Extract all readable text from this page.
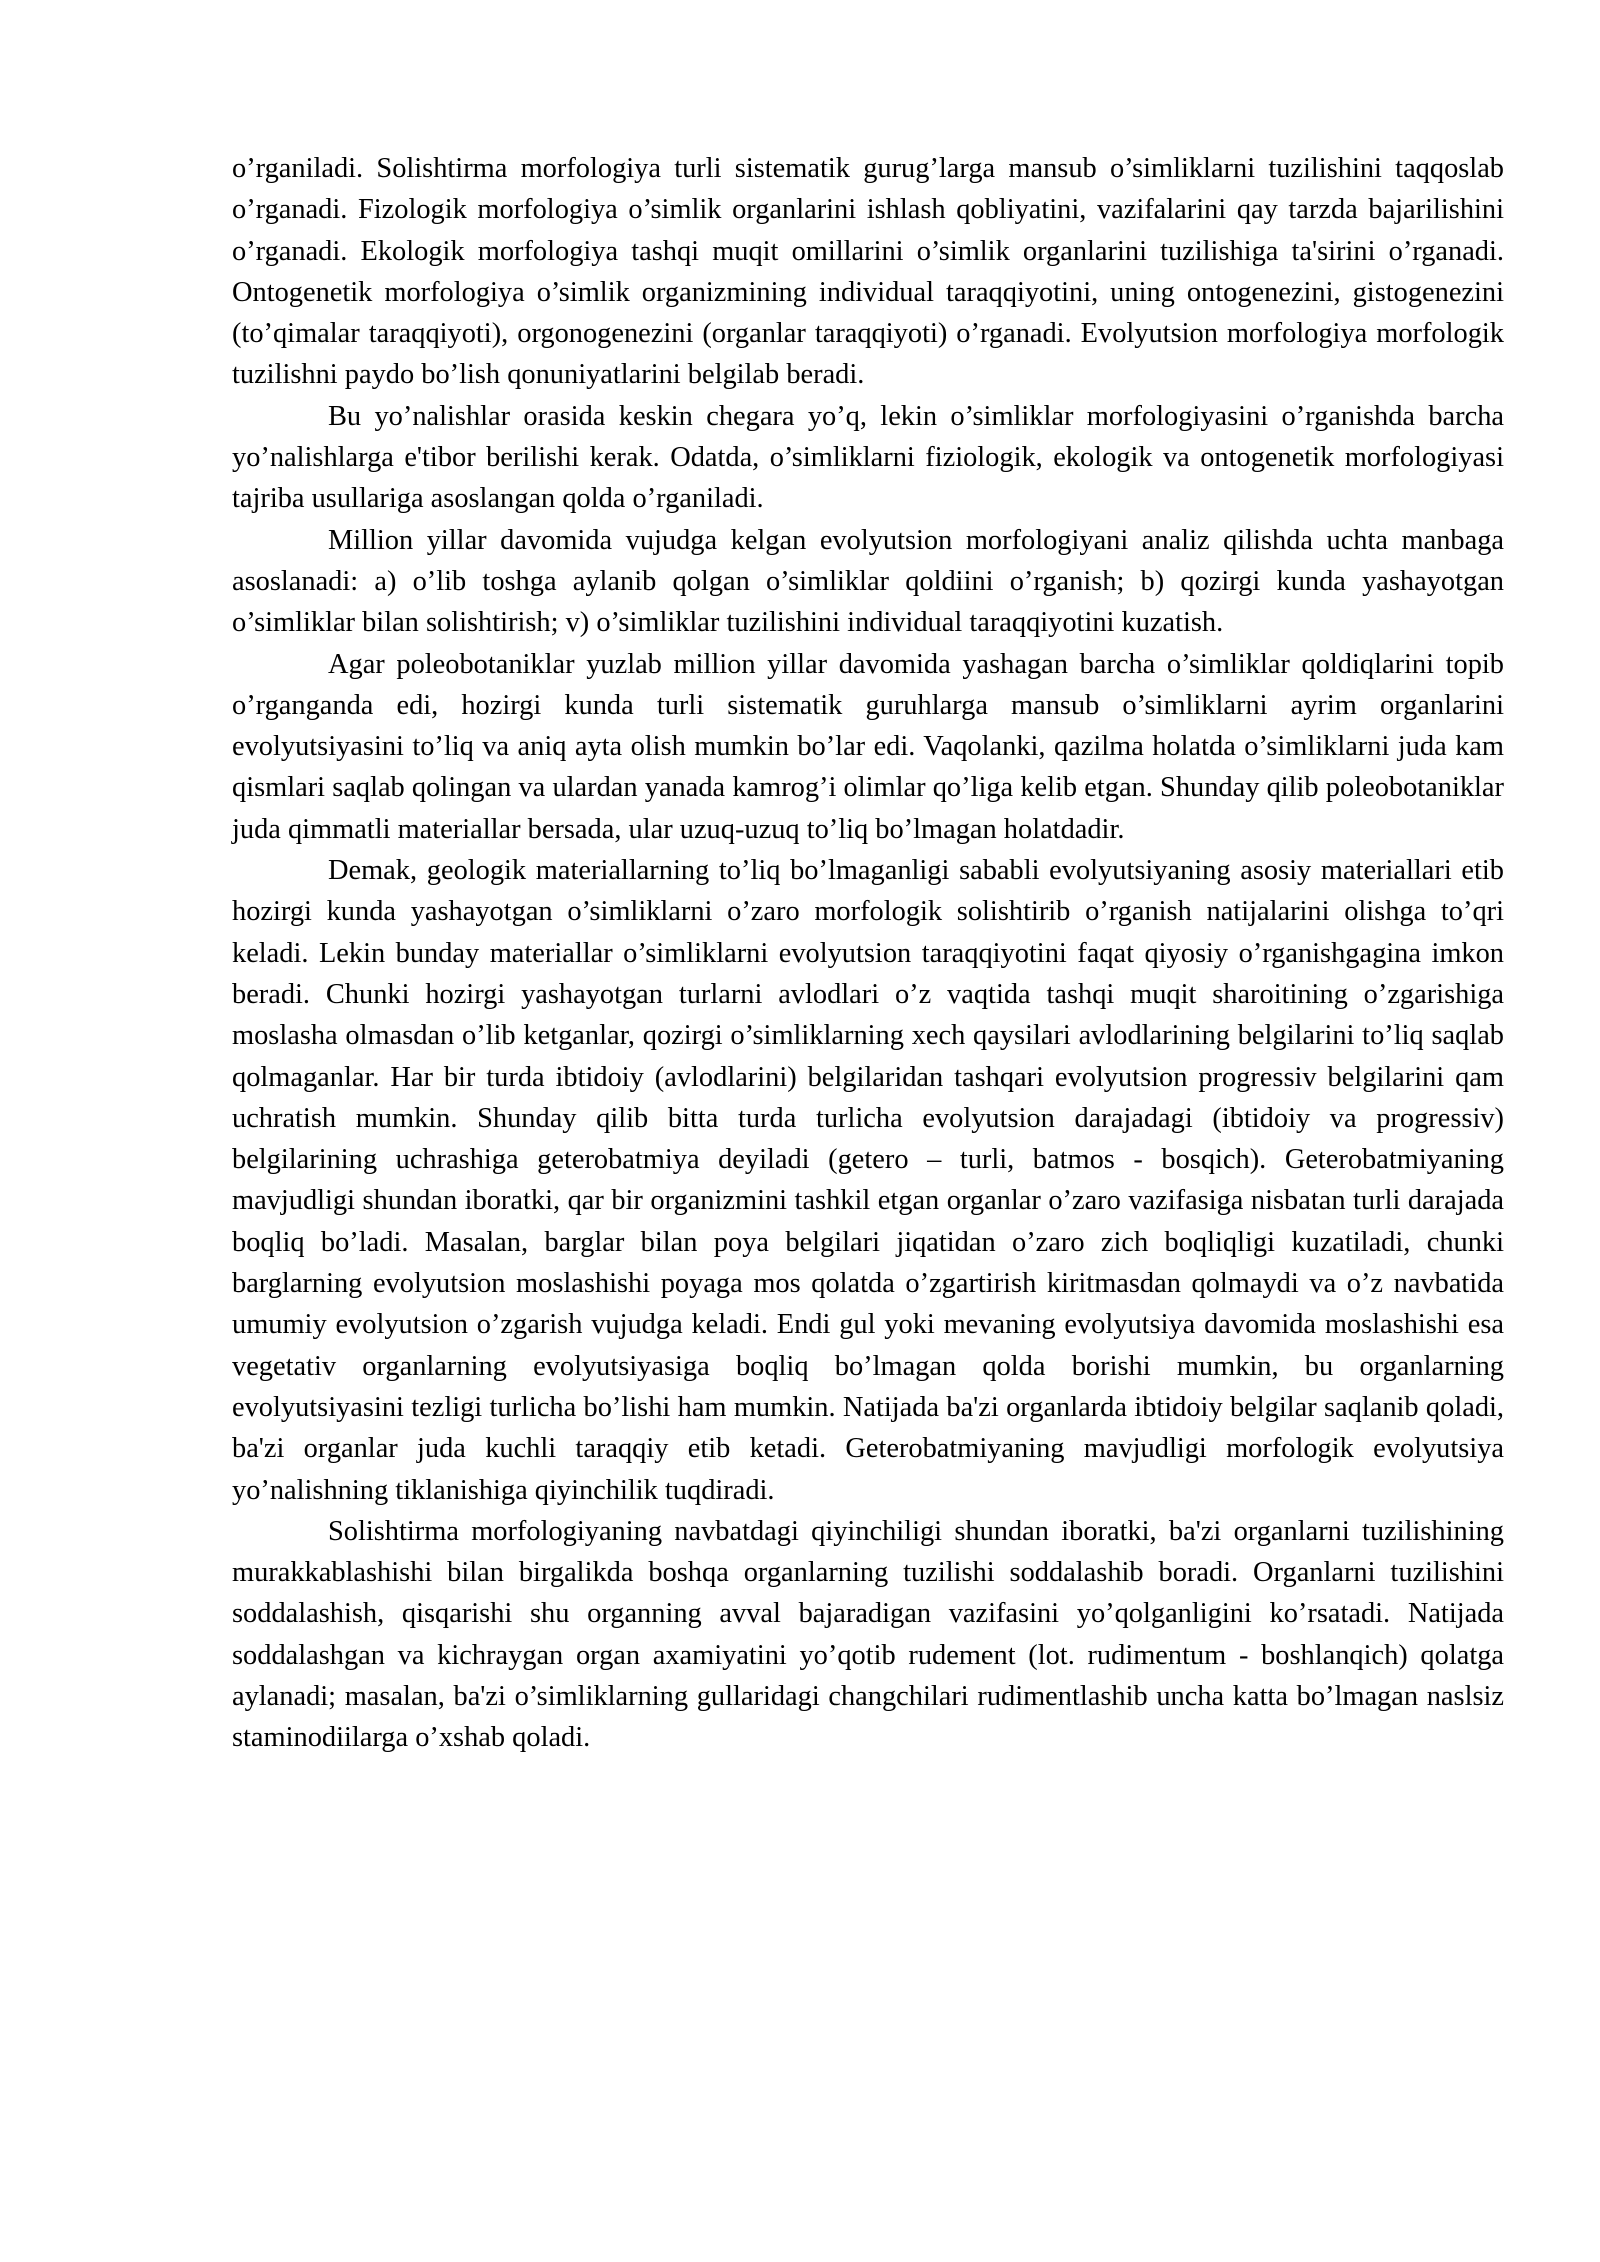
o’rganiladi. Solishtirma morfologiya turli sistematik gurug’larga mansub o’simliklarni tuzilishini taqqoslab o’rganadi. Fizologik morfologiya o’simlik organlarini ishlash qobliyatini, vazifalarini qay tarzda bajarilishini o’rganadi. Ekologik morfologiya tashqi muqit omillarini o’simlik organlarini tuzilishiga ta'sirini o’rganadi. Ontogenetik morfologiya o’simlik organizmining individual taraqqiyotini, uning ontogenezini, gistogenezini (to’qimalar taraqqiyoti), orgonogenezini (organlar taraqqiyoti) o’rganadi. Evolyutsion morfologiya morfologik tuzilishni paydo bo’lish qonuniyatlarini belgilab beradi.

Bu yo’nalishlar orasida keskin chegara yo’q, lekin o’simliklar morfologiyasini o’rganishda barcha yo’nalishlarga e'tibor berilishi kerak. Odatda, o’simliklarni fiziologik, ekologik va ontogenetik morfologiyasi tajriba usullariga asoslangan qolda o’rganiladi.

Million yillar davomida vujudga kelgan evolyutsion morfologiyani analiz qilishda uchta manbaga asoslanadi: a) o’lib toshga aylanib qolgan o’simliklar qoldiini o’rganish; b) qozirgi kunda yashayotgan o’simliklar bilan solishtirish; v) o’simliklar tuzilishini individual taraqqiyotini kuzatish.

Agar poleobotaniklar yuzlab million yillar davomida yashagan barcha o’simliklar qoldiqlarini topib o’rganganda edi, hozirgi kunda turli sistematik guruhlarga mansub o’simliklarni ayrim organlarini evolyutsiyasini to’liq va aniq ayta olish mumkin bo’lar edi. Vaqolanki, qazilma holatda o’simliklarni juda kam qismlari saqlab qolingan va ulardan yanada kamrog’i olimlar qo’liga kelib etgan. Shunday qilib poleobotaniklar juda qimmatli materiallar bersada, ular uzuq-uzuq to’liq bo’lmagan holatdadir.

Demak, geologik materiallarning to’liq bo’lmaganligi sababli evolyutsiyaning asosiy materiallari etib hozirgi kunda yashayotgan o’simliklarni o’zaro morfologik solishtirib o’rganish natijalarini olishga to’qri keladi. Lekin bunday materiallar o’simliklarni evolyutsion taraqqiyotini faqat qiyosiy o’rganishgagina imkon beradi. Chunki hozirgi yashayotgan turlarni avlodlari o’z vaqtida tashqi muqit sharoitining o’zgarishiga moslasha olmasdan o’lib ketganlar, qozirgi o’simliklarning xech qaysilari avlodlarining belgilarini to’liq saqlab qolmaganlar. Har bir turda ibtidoiy (avlodlarini) belgilaridan tashqari evolyutsion progressiv belgilarini qam uchratish mumkin. Shunday qilib bitta turda turlicha evolyutsion darajadagi (ibtidoiy va progressiv) belgilarining uchrashiga geterobatmiya deyiladi (getero – turli, batmos - bosqich). Geterobatmiyaning mavjudligi shundan iboratki, qar bir organizmini tashkil etgan organlar o’zaro vazifasiga nisbatan turli darajada boqliq bo’ladi. Masalan, barglar bilan poya belgilari jiqatidan o’zaro zich boqliqligi kuzatiladi, chunki barglarning evolyutsion moslashishi poyaga mos qolatda o’zgartirish kiritmasdan qolmaydi va o’z navbatida umumiy evolyutsion o’zgarish vujudga keladi. Endi gul yoki mevaning evolyutsiya davomida moslashishi esa vegetativ organlarning evolyutsiyasiga boqliq bo’lmagan qolda borishi mumkin, bu organlarning evolyutsiyasini tezligi turlicha bo’lishi ham mumkin. Natijada ba'zi organlarda ibtidoiy belgilar saqlanib qoladi, ba'zi organlar juda kuchli taraqqiy etib ketadi. Geterobatmiyaning mavjudligi morfologik evolyutsiya yo’nalishning tiklanishiga qiyinchilik tuqdiradi.

Solishtirma morfologiyaning navbatdagi qiyinchiligi shundan iboratki, ba'zi organlarni tuzilishining murakkablashishi bilan birgalikda boshqa organlarning tuzilishi soddalashib boradi. Organlarni tuzilishini soddalashish, qisqarishi shu organning avval bajaradigan vazifasini yo’qolganligini ko’rsatadi. Natijada soddalashgan va kichraygan organ axamiyatini yo’qotib rudement (lot. rudimentum - boshlanqich) qolatga aylanadi; masalan, ba'zi o’simliklarning gullaridagi changchilari rudimentlashib uncha katta bo’lmagan naslsiz staminodiilarga o’xshab qoladi.
